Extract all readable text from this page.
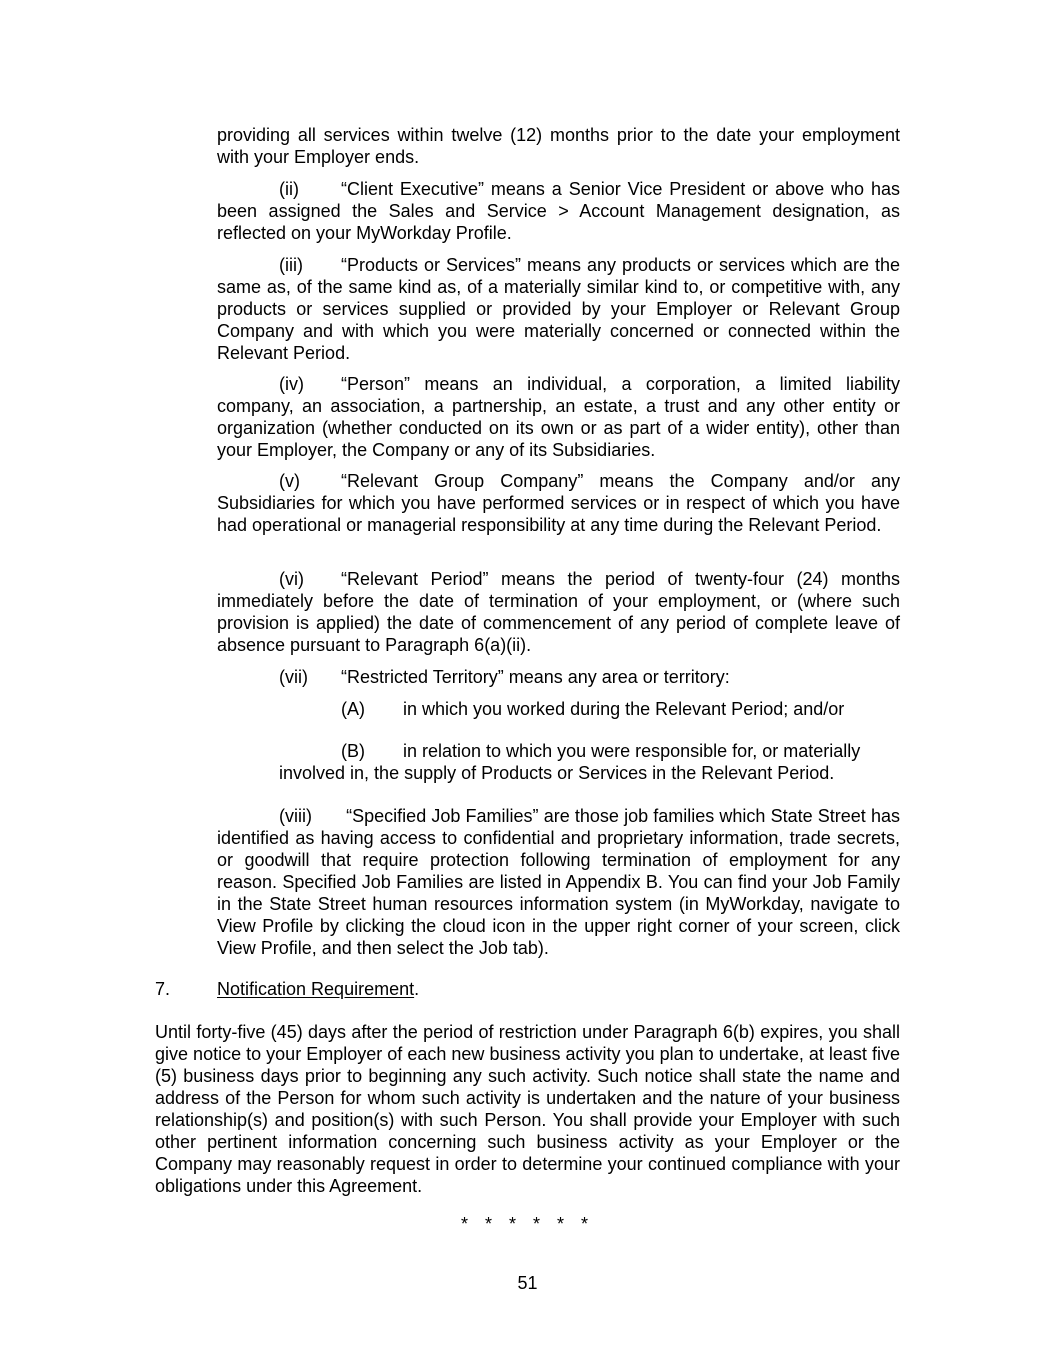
providing all services within twelve (12) months prior to the date your employment with your Employer ends.

(ii) “Client Executive” means a Senior Vice President or above who has been assigned the Sales and Service > Account Management designation, as reflected on your MyWorkday Profile.

(iii) “Products or Services” means any products or services which are the same as, of the same kind as, of a materially similar kind to, or competitive with, any products or services supplied or provided by your Employer or Relevant Group Company and with which you were materially concerned or connected within the Relevant Period.

(iv) “Person” means an individual, a corporation, a limited liability company, an association, a partnership, an estate, a trust and any other entity or organization (whether conducted on its own or as part of a wider entity), other than your Employer, the Company or any of its Subsidiaries.

(v) “Relevant Group Company” means the Company and/or any Subsidiaries for which you have performed services or in respect of which you have had operational or managerial responsibility at any time during the Relevant Period.

(vi) “Relevant Period” means the period of twenty-four (24) months immediately before the date of termination of your employment, or (where such provision is applied) the date of commencement of any period of complete leave of absence pursuant to Paragraph 6(a)(ii).

(vii) “Restricted Territory” means any area or territory:

(A) in which you worked during the Relevant Period; and/or

(B) in relation to which you were responsible for, or materially involved in, the supply of Products or Services in the Relevant Period.

(viii) “Specified Job Families” are those job families which State Street has identified as having access to confidential and proprietary information, trade secrets, or goodwill that require protection following termination of employment for any reason. Specified Job Families are listed in Appendix B. You can find your Job Family in the State Street human resources information system (in MyWorkday, navigate to View Profile by clicking the cloud icon in the upper right corner of your screen, click View Profile, and then select the Job tab).

7.	Notification Requirement.

Until forty-five (45) days after the period of restriction under Paragraph 6(b) expires, you shall give notice to your Employer of each new business activity you plan to undertake, at least five (5) business days prior to beginning any such activity. Such notice shall state the name and address of the Person for whom such activity is undertaken and the nature of your business relationship(s) and position(s) with such Person. You shall provide your Employer with such other pertinent information concerning such business activity as your Employer or the Company may reasonably request in order to determine your continued compliance with your obligations under this Agreement.

* * * * * *

51
